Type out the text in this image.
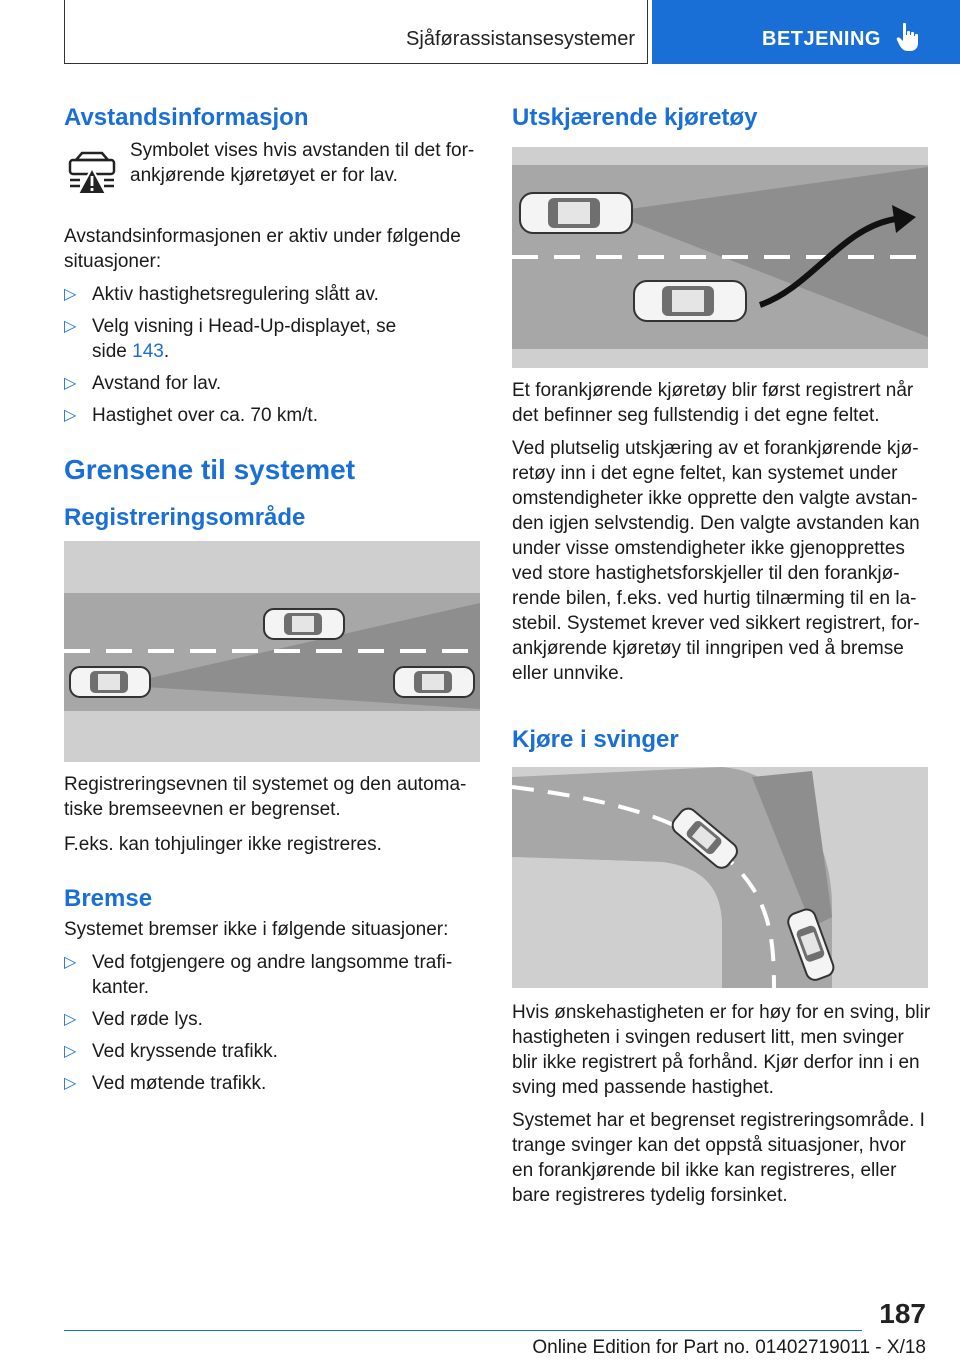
Sjåførassistansesystemer	BETJENING
Avstandsinformasjon

Symbolet vises hvis avstanden til det for-
ankjørende kjøretøyet er for lav.

Avstandsinformasjonen er aktiv under følgende
situasjoner:

▷ Aktiv hastighetsregulering slått av.
▷ Velg visning i Head-Up-displayet, se
side 143.
▷ Avstand for lav.
▷ Hastighet over ca. 70 km/t.
Grensene til systemet
Registreringsområde

Registreringsevnen til systemet og den automa-
tiske bremseevnen er begrenset.

F.eks. kan tohjulinger ikke registreres.

Bremse

Systemet bremser ikke i følgende situasjoner:

▷ Ved fotgjengere og andre langsomme trafi-
kanter.
▷ Ved røde lys.
▷ Ved kryssende trafikk.
▷ Ved møtende trafikk.
Utskjærende kjøretøy

Et forankjørende kjøretøy blir først registrert når
det befinner seg fullstendig i det egne feltet.

Ved plutselig utskjæring av et forankjørende kjø-
retøy inn i det egne feltet, kan systemet under
omstendigheter ikke opprette den valgte avstan-
den igjen selvstendig. Den valgte avstanden kan
under visse omstendigheter ikke gjenopprettes
ved store hastighetsforskjeller til den forankjø-
rende bilen, f.eks. ved hurtig tilnærming til en la-
stebil. Systemet krever ved sikkert registrert, for-
ankjørende kjøretøy til inngripen ved å bremse
eller unnvike.

Kjøre i svinger

Hvis ønskehastigheten er for høy for en sving, blir
hastigheten i svingen redusert litt, men svinger
blir ikke registrert på forhånd. Kjør derfor inn i en
sving med passende hastighet.

Systemet har et begrenset registreringsområde. I
trange svinger kan det oppstå situasjoner, hvor
en forankjørende bil ikke kan registreres, eller
bare registreres tydelig forsinket.

187
Online Edition for Part no. 01402719011 - X/18
